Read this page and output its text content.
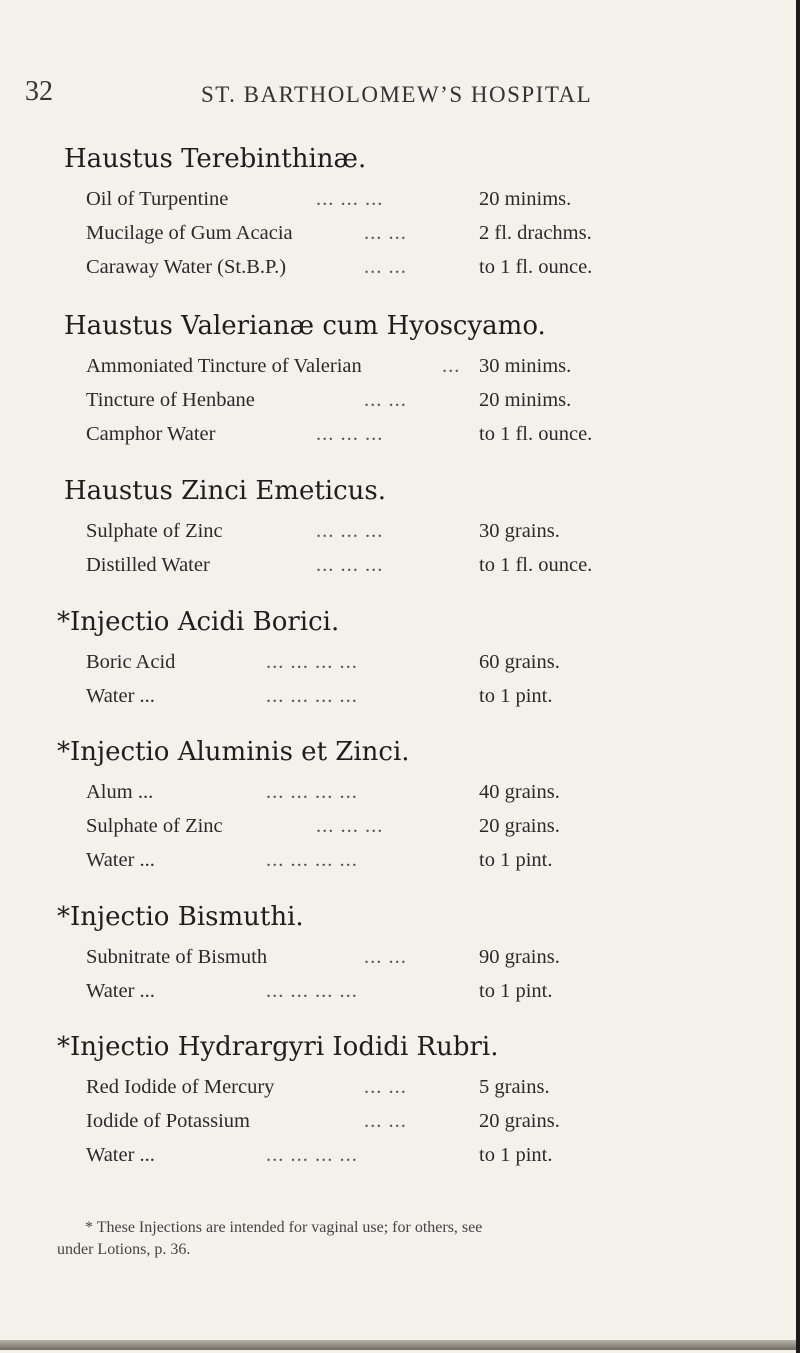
32	ST. BARTHOLOMEW’S HOSPITAL
Haustus Terebinthinæ.
Oil of Turpentine	... ... ...	20 minims.
Mucilage of Gum Acacia	... ...	2 fl. drachms.
Caraway Water (St.B.P.)	... ...	to 1 fl. ounce.
Haustus Valerianæ cum Hyoscyamo.
Ammoniated Tincture of Valerian	... 30 minims.
Tincture of Henbane	... ...	20 minims.
Camphor Water	... ... ...	to 1 fl. ounce.
Haustus Zinci Emeticus.
Sulphate of Zinc	... ... ...	30 grains.
Distilled Water	... ... ...	to 1 fl. ounce.
*Injectio Acidi Borici.
Boric Acid	... ... ... ...	60 grains.
Water ...	... ... ... ...	to 1 pint.
*Injectio Aluminis et Zinci.
Alum ...	... ... ... ...	40 grains.
Sulphate of Zinc	... ... ...	20 grains.
Water ...	... ... ... ...	to 1 pint.
*Injectio Bismuthi.
Subnitrate of Bismuth	... ...	90 grains.
Water ...	... ... ... ...	to 1 pint.
*Injectio Hydrargyri Iodidi Rubri.
Red Iodide of Mercury	... ...	5 grains.
Iodide of Potassium	... ...	20 grains.
Water ...	... ... ... ...	to 1 pint.
* These Injections are intended for vaginal use; for others, see
under Lotions, p. 36.
